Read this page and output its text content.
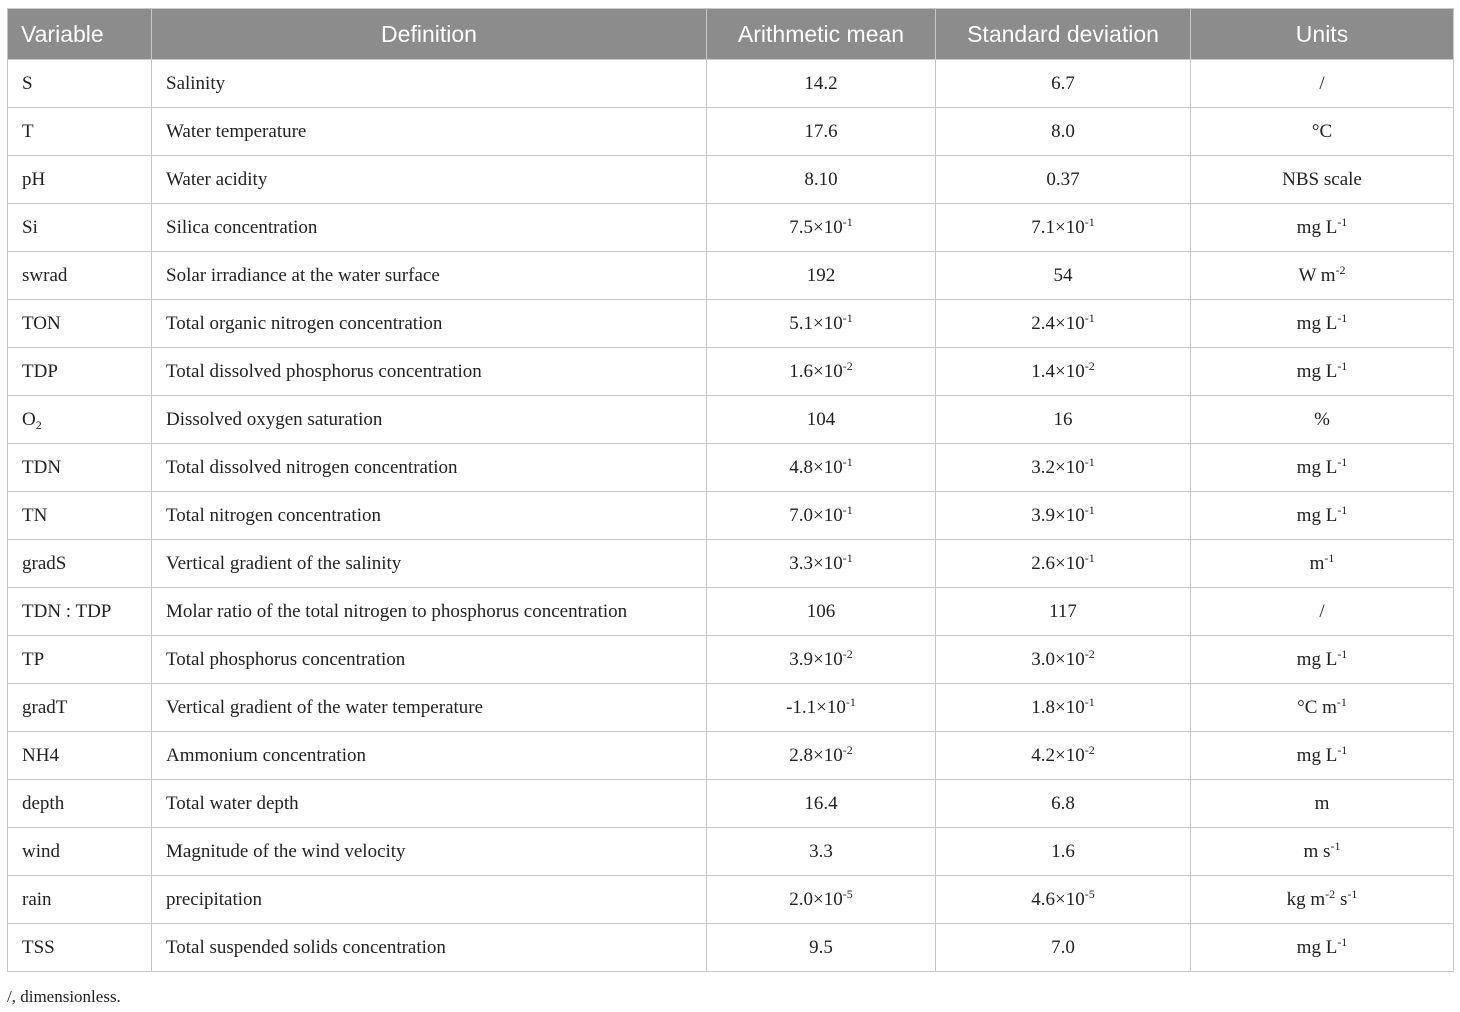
Variable	Definition	Arithmetic mean	Standard deviation	Units
S	Salinity	14.2	6.7	/
T	Water temperature	17.6	8.0	°C
pH	Water acidity	8.10	0.37	NBS scale
Si	Silica concentration	$7.5\times 10^{-1}$	$7.1\times 10^{-1}$	mg $L^{-1}$
swrad	Solar irradiance at the water surface	192	54	W $m^{-2}$
TON	Total organic nitrogen concentration	$5.1\times 10^{-1}$	$2.4\times 10^{-1}$	mg $L^{-1}$
TDP	Total dissolved phosphorus concentration	$1.6\times 10^{-2}$	$1.4\times 10^{-2}$	mg $L^{-1}$
$O_2$	Dissolved oxygen saturation	104	16	%
TDN	Total dissolved nitrogen concentration	$4.8\times 10^{-1}$	$3.2\times 10^{-1}$	mg $L^{-1}$
TN	Total nitrogen concentration	$7.0\times 10^{-1}$	$3.9\times 10^{-1}$	mg $L^{-1}$
gradS	Vertical gradient of the salinity	$3.3\times 10^{-1}$	$2.6\times 10^{-1}$	$m^{-1}$
TDN : TDP	Molar ratio of the total nitrogen to phosphorus concentration	106	117	/
TP	Total phosphorus concentration	$3.9\times 10^{-2}$	$3.0\times 10^{-2}$	mg $L^{-1}$
gradT	Vertical gradient of the water temperature	$-1.1\times 10^{-1}$	$1.8\times 10^{-1}$	°C $m^{-1}$
NH4	Ammonium concentration	$2.8\times 10^{-2}$	$4.2\times 10^{-2}$	mg $L^{-1}$
depth	Total water depth	16.4	6.8	m
wind	Magnitude of the wind velocity	3.3	1.6	m $s^{-1}$
rain	precipitation	$2.0\times 10^{-5}$	$4.6\times 10^{-5}$	kg $m^{-2}$ $s^{-1}$
TSS	Total suspended solids concentration	9.5	7.0	mg $L^{-1}$
/, dimensionless.
